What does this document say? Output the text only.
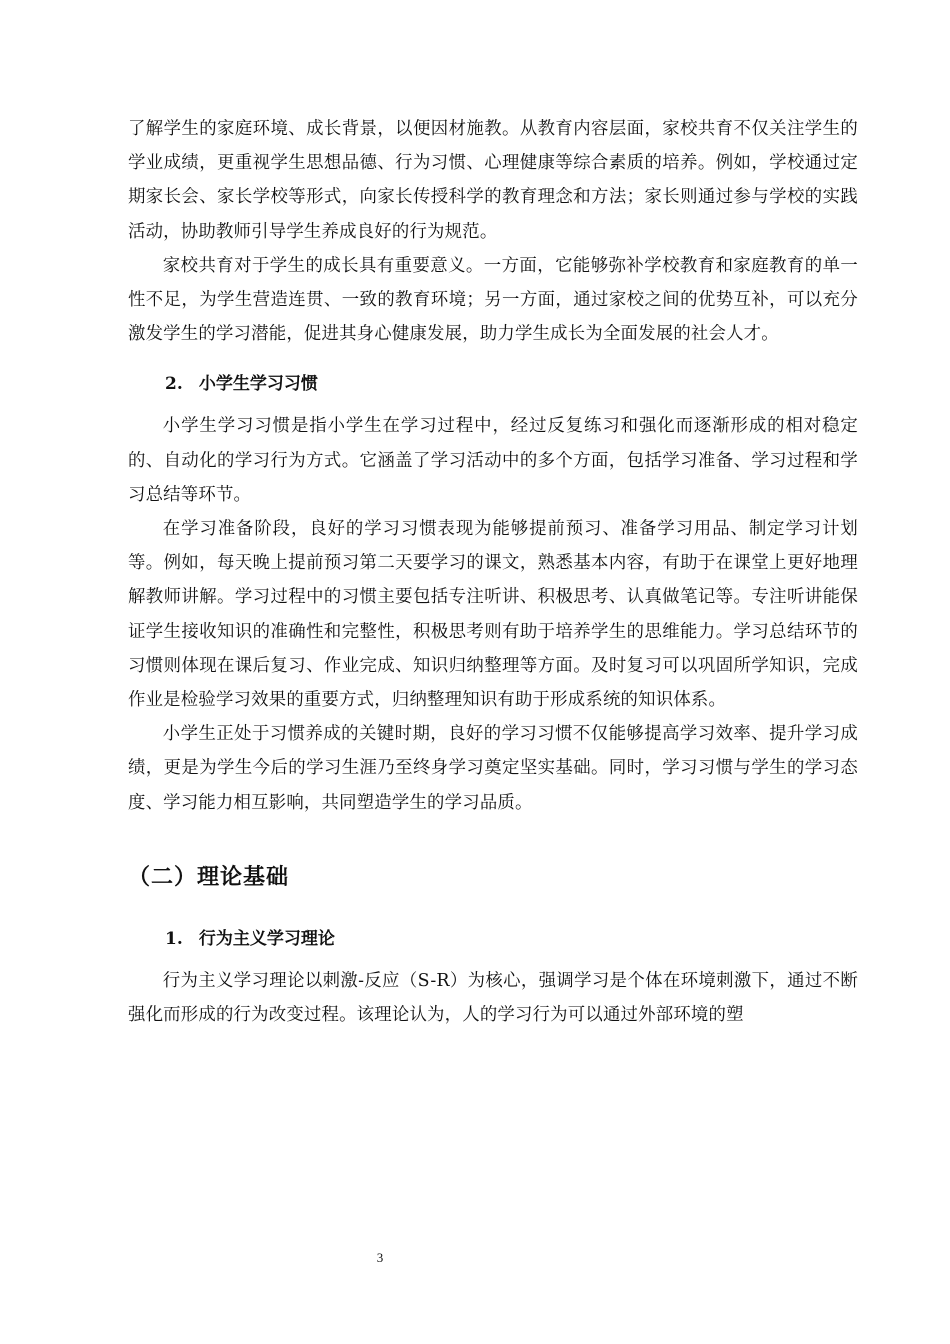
了解学生的家庭环境、成长背景，以便因材施教。从教育内容层面，家校共育不仅关注学生的学业成绩，更重视学生思想品德、行为习惯、心理健康等综合素质的培养。例如，学校通过定期家长会、家长学校等形式，向家长传授科学的教育理念和方法；家长则通过参与学校的实践活动，协助教师引导学生养成良好的行为规范。

家校共育对于学生的成长具有重要意义。一方面，它能够弥补学校教育和家庭教育的单一性不足，为学生营造连贯、一致的教育环境；另一方面，通过家校之间的优势互补，可以充分激发学生的学习潜能，促进其身心健康发展，助力学生成长为全面发展的社会人才。

2. 小学生学习习惯

小学生学习习惯是指小学生在学习过程中，经过反复练习和强化而逐渐形成的相对稳定的、自动化的学习行为方式。它涵盖了学习活动中的多个方面，包括学习准备、学习过程和学习总结等环节。

在学习准备阶段，良好的学习习惯表现为能够提前预习、准备学习用品、制定学习计划等。例如，每天晚上提前预习第二天要学习的课文，熟悉基本内容，有助于在课堂上更好地理解教师讲解。学习过程中的习惯主要包括专注听讲、积极思考、认真做笔记等。专注听讲能保证学生接收知识的准确性和完整性，积极思考则有助于培养学生的思维能力。学习总结环节的习惯则体现在课后复习、作业完成、知识归纳整理等方面。及时复习可以巩固所学知识，完成作业是检验学习效果的重要方式，归纳整理知识有助于形成系统的知识体系。

小学生正处于习惯养成的关键时期，良好的学习习惯不仅能够提高学习效率、提升学习成绩，更是为学生今后的学习生涯乃至终身学习奠定坚实基础。同时，学习习惯与学生的学习态度、学习能力相互影响，共同塑造学生的学习品质。

（二）理论基础
1. 行为主义学习理论

行为主义学习理论以刺激-反应（S-R）为核心，强调学习是个体在环境刺激下，通过不断强化而形成的行为改变过程。该理论认为，人的学习行为可以通过外部环境的塑

3
